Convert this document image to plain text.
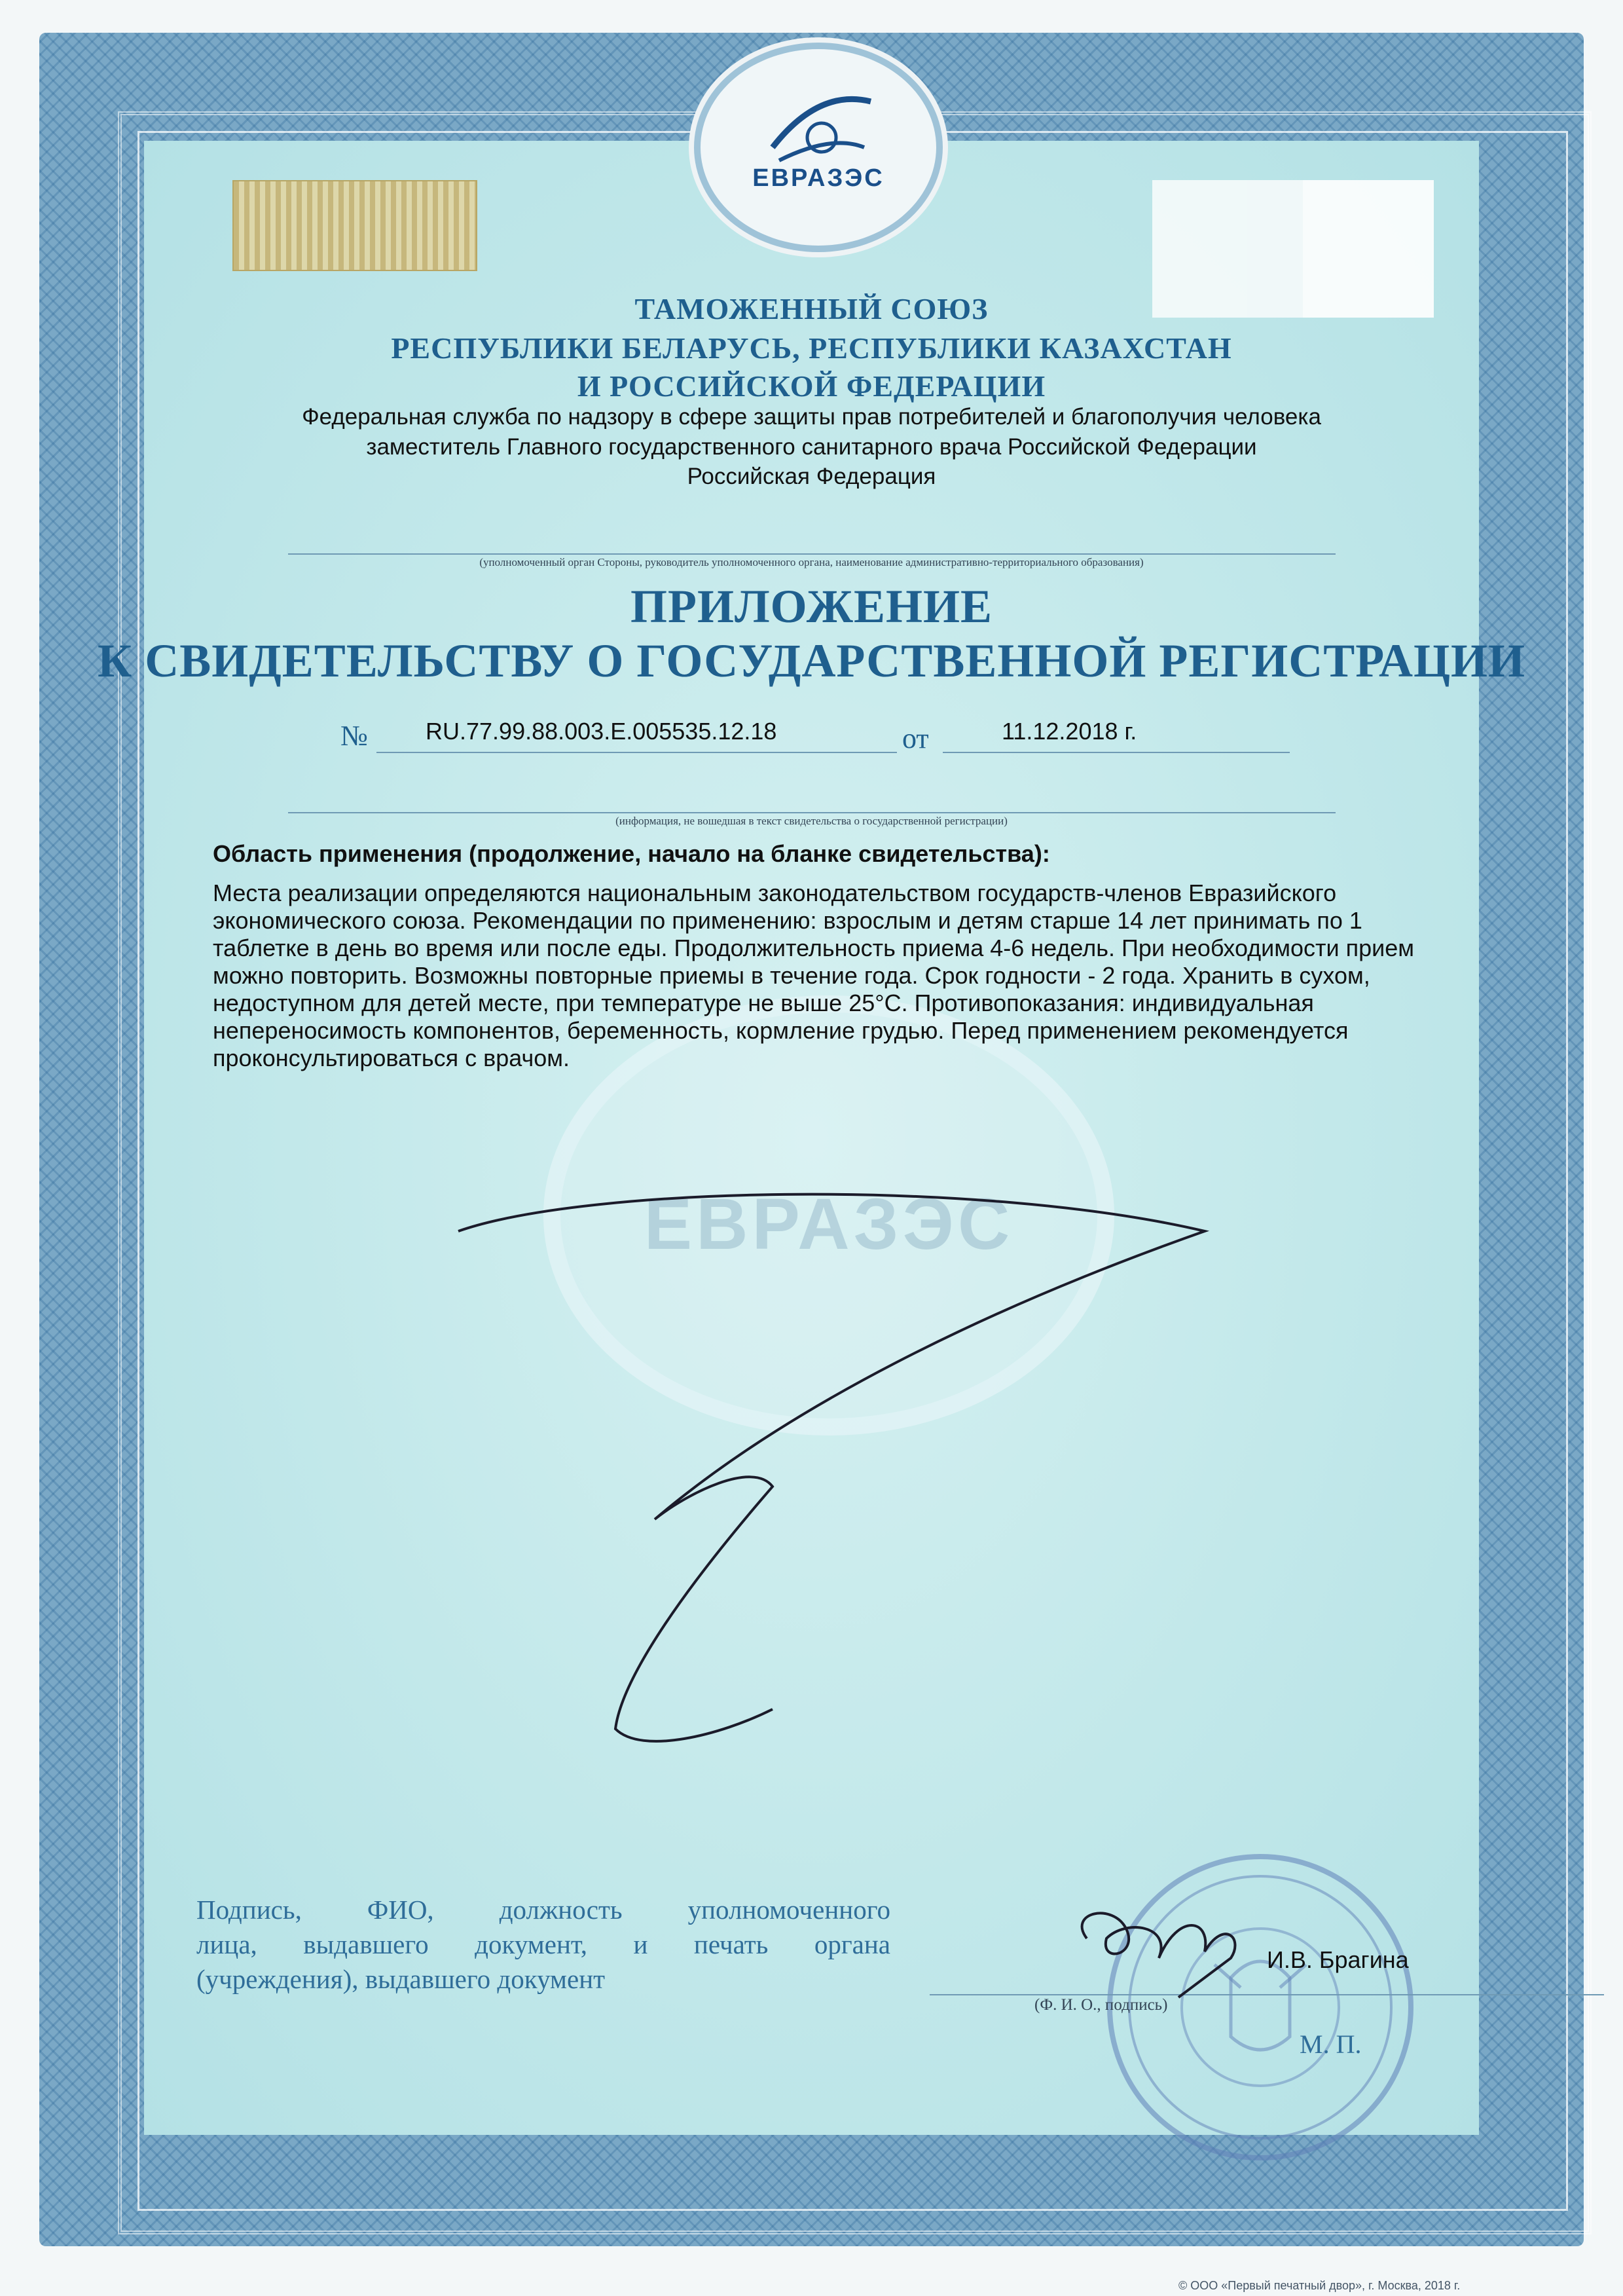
ЕВРАЗЭС
ЕВРАЗЭС
ТАМОЖЕННЫЙ СОЮЗ
РЕСПУБЛИКИ БЕЛАРУСЬ, РЕСПУБЛИКИ КАЗАХСТАН
И РОССИЙСКОЙ ФЕДЕРАЦИИ
Федеральная служба по надзору в сфере защиты прав потребителей и благополучия человека
заместитель Главного государственного санитарного врача Российской Федерации
Российская Федерация
(уполномоченный орган Стороны, руководитель уполномоченного органа, наименование административно-территориального образования)
ПРИЛОЖЕНИЕ
К СВИДЕТЕЛЬСТВУ О ГОСУДАРСТВЕННОЙ РЕГИСТРАЦИИ
№ RU.77.99.88.003.E.005535.12.18	от	11.12.2018 г.
(информация, не вошедшая в текст свидетельства о государственной регистрации)
Область применения (продолжение, начало на бланке свидетельства):

Места реализации определяются национальным законодательством государств-членов Евразийского экономического союза. Рекомендации по применению: взрослым и детям старше 14 лет принимать по 1 таблетке в день во время или после еды. Продолжительность приема 4-6 недель. При необходимости прием можно повторить. Возможны повторные приемы в течение года. Срок годности - 2 года. Хранить в сухом, недоступном для детей месте, при температуре не выше 25°С. Противопоказания: индивидуальная непереносимость компонентов, беременность, кормление грудью. Перед применением рекомендуется проконсультироваться с врачом.

Подпись, ФИО, должность уполномоченного
лица, выдавшего документ, и печать органа
(учреждения), выдавшего документ
И.В. Брагина
(Ф. И. О., подпись)
М. П.
© ООО «Первый печатный двор», г. Москва, 2018 г.
